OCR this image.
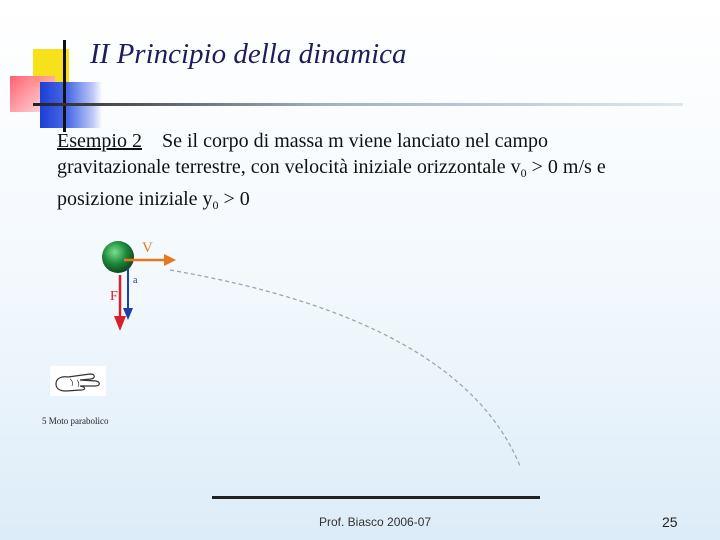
II Principio della dinamica
Esempio 2 Se il corpo di massa m viene lanciato nel campo
gravitazionale terrestre, con velocità iniziale orizzontale $v_0 > 0$ m/s e
posizione iniziale $y_0 > 0$
V
a
F
5 Moto parabolico
Prof. Biasco 2006-07	25
